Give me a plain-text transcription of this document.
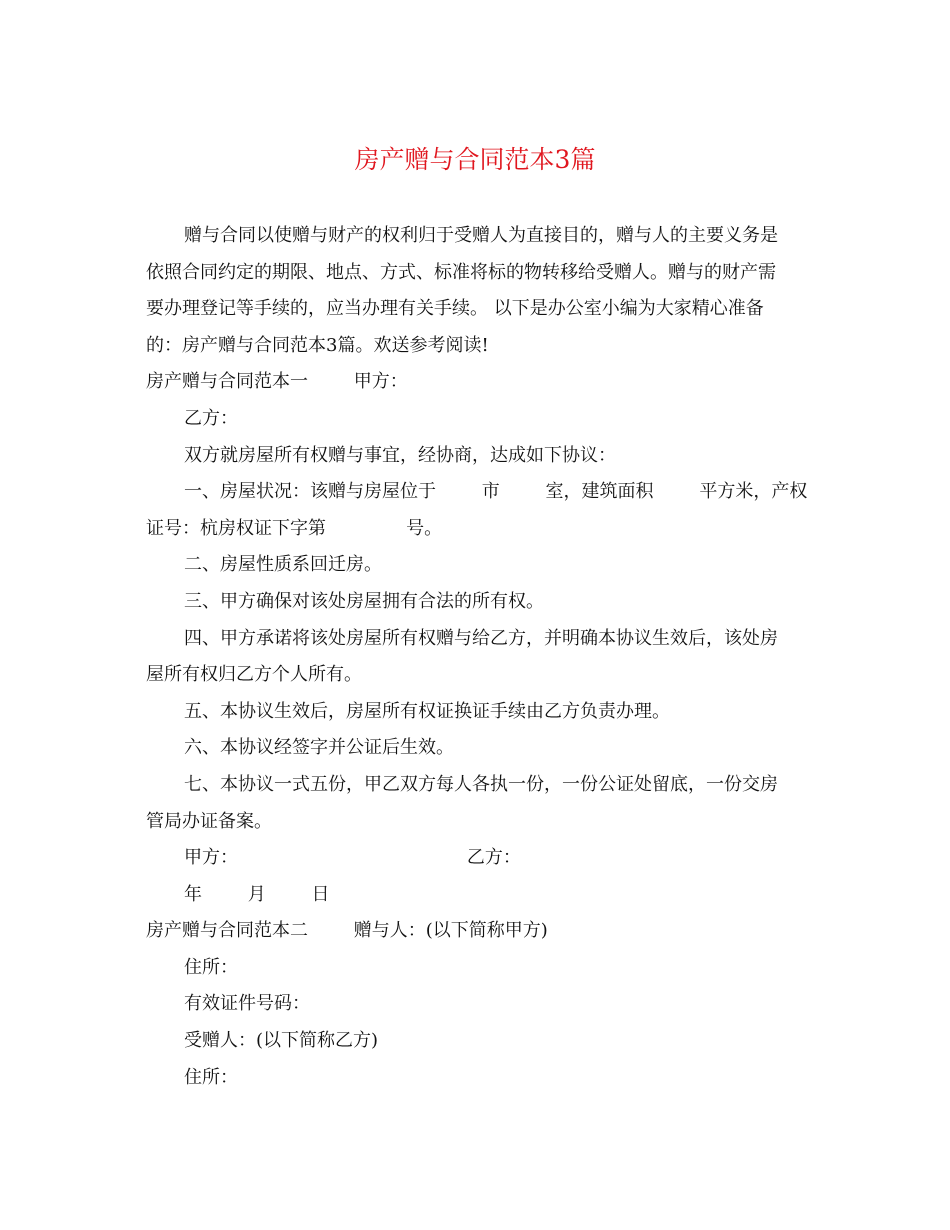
房产赠与合同范本3篇

赠与合同以使赠与财产的权利归于受赠人为直接目的，赠与人的主要义务是

依照合同约定的期限、地点、方式、标准将标的物转移给受赠人。赠与的财产需

要办理登记等手续的，应当办理有关手续。 以下是办公室小编为大家精心准备

的：房产赠与合同范本3篇。欢送参考阅读!

房产赠与合同范本一        甲方：

乙方：

双方就房屋所有权赠与事宜，经协商，达成如下协议：

一、房屋状况：该赠与房屋位于        市        室，建筑面积        平方米，产权

证号：杭房权证下字第              号。

二、房屋性质系回迁房。

三、甲方确保对该处房屋拥有合法的所有权。

四、甲方承诺将该处房屋所有权赠与给乙方，并明确本协议生效后，该处房

屋所有权归乙方个人所有。

五、本协议生效后，房屋所有权证换证手续由乙方负责办理。

六、本协议经签字并公证后生效。

七、本协议一式五份，甲乙双方每人各执一份，一份公证处留底，一份交房

管局办证备案。

甲方：                                        乙方：

年        月        日

房产赠与合同范本二        赠与人：(以下简称甲方)

住所：

有效证件号码：

受赠人：(以下简称乙方)

住所：
